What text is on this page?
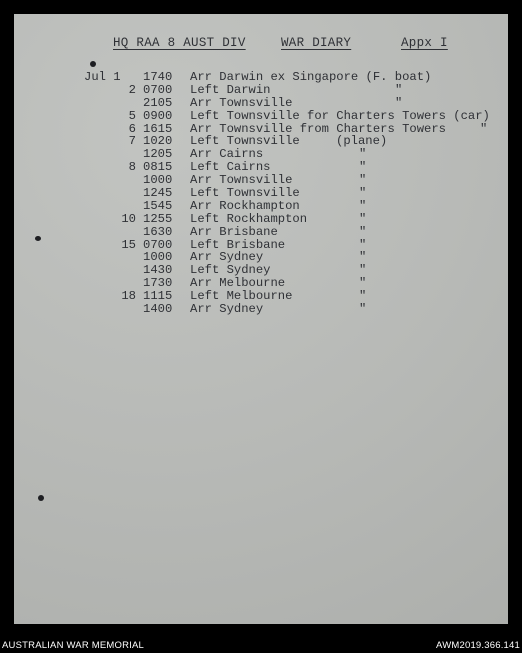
HQ RAA 8 AUST DIV	WAR DIARY	Appx I
Jul 1	1740 Arr Darwin ex Singapore (F. boat)
2 0700 Left Darwin	"
2105 Arr Townsville	"
5 0900 Left Townsville for Charters Towers (car)
6 1615 Arr Townsville from Charters Towers	"
7 1020 Left Townsville	(plane)
1205 Arr Cairns	"
8 0815 Left Cairns	"
1000 Arr Townsville	"
1245 Left Townsville	"
1545 Arr Rockhampton	"
10 1255 Left Rockhampton	"
1630 Arr Brisbane	"
15 0700 Left Brisbane	"
1000 Arr Sydney	"
1430 Left Sydney	"
1730 Arr Melbourne	"
18 1115 Left Melbourne	"
1400 Arr Sydney	"
AUSTRALIAN WAR MEMORIAL	AWM2019.366.141
